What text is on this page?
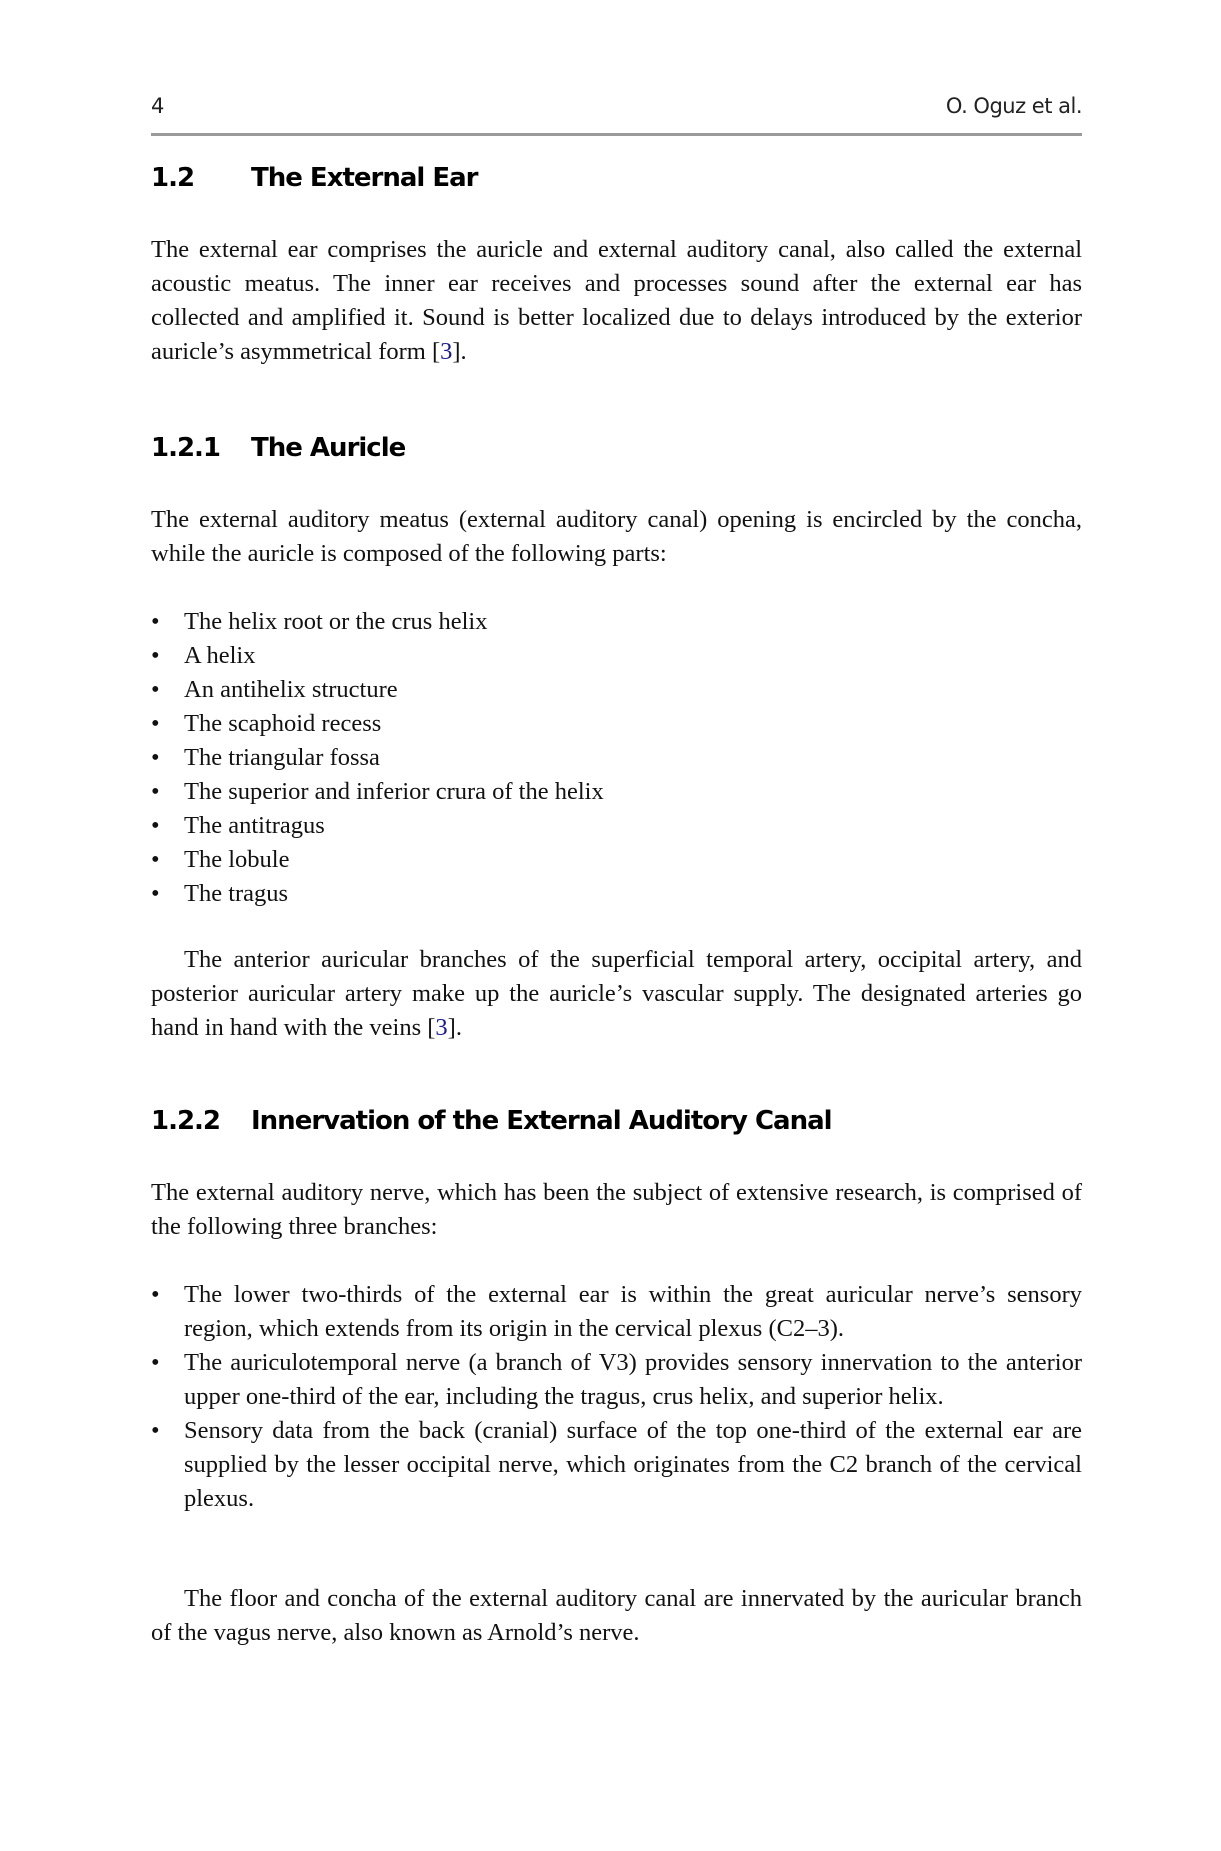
4	O. Oguz et al.
1.2 The External Ear
The external ear comprises the auricle and external auditory canal, also called the external acoustic meatus. The inner ear receives and processes sound after the external ear has collected and amplified it. Sound is better localized due to delays introduced by the exterior auricle’s asymmetrical form [3].
1.2.1 The Auricle
The external auditory meatus (external auditory canal) opening is encircled by the concha, while the auricle is composed of the following parts:
• The helix root or the crus helix
• A helix
• An antihelix structure
• The scaphoid recess
• The triangular fossa
• The superior and inferior crura of the helix
• The antitragus
• The lobule
• The tragus
The anterior auricular branches of the superficial temporal artery, occipital artery, and posterior auricular artery make up the auricle’s vascular supply. The designated arteries go hand in hand with the veins [3].
1.2.2 Innervation of the External Auditory Canal
The external auditory nerve, which has been the subject of extensive research, is comprised of the following three branches:
• The lower two-thirds of the external ear is within the great auricular nerve’s sensory region, which extends from its origin in the cervical plexus (C2–3).
• The auriculotemporal nerve (a branch of V3) provides sensory innervation to the anterior upper one-third of the ear, including the tragus, crus helix, and superior helix.
• Sensory data from the back (cranial) surface of the top one-third of the external ear are supplied by the lesser occipital nerve, which originates from the C2 branch of the cervical plexus.
The floor and concha of the external auditory canal are innervated by the auricular branch of the vagus nerve, also known as Arnold’s nerve.
